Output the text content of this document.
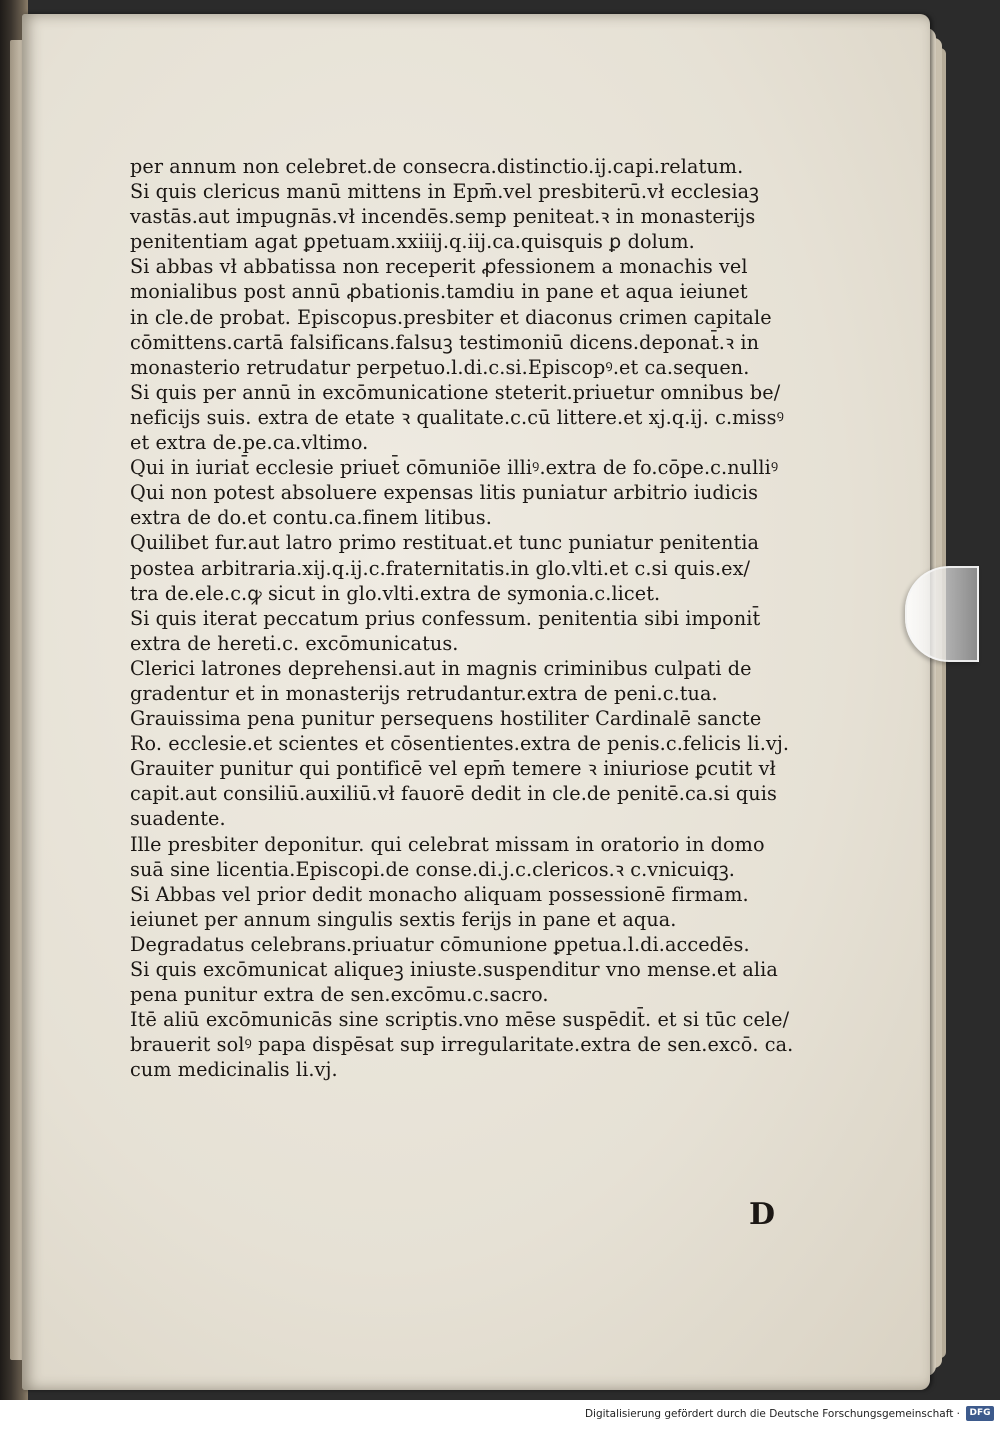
per annum non celebret.de consecra.distinctio.ij.capi.relatum.
Si quis clericus manū mittens in Epm̄.vel presbiterū.vł ecclesiaꝫ
vastās.aut impugnās.vł incendēs.semp peniteat.ꝛ in monasterijs
penitentiam agat ꝑpetuam.xxiiij.q.iij.ca.quisquis ꝑ dolum.
Si abbas vł abbatissa non receperit ꝓfessionem a monachis vel
monialibus post annū ꝓbationis.tamdiu in pane et aqua ieiunet
in cle.de probat. Episcopus.presbiter et diaconus crimen capitale
cōmittens.cartā falsificans.falsuꝫ testimoniū dicens.deponat̄.ꝛ in
monasterio retrudatur perpetuo.l.di.c.si.Episcopꝰ.et ca.sequen.
Si quis per annū in excōmunicatione steterit.priuetur omnibus be/
neficijs suis. extra de etate ꝛ qualitate.c.cū littere.et xj.q.ij. c.missꝰ
et extra de.pe.ca.vltimo.
Qui in iuriat̄ ecclesie priuet̄ cōmuniōe illiꝰ.extra de fo.cōpe.c.nulliꝰ
Qui non potest absoluere expensas litis puniatur arbitrio iudicis
extra de do.et contu.ca.finem litibus.
Quilibet fur.aut latro primo restituat.et tunc puniatur penitentia
postea arbitraria.xij.q.ij.c.fraternitatis.in glo.vlti.et c.si quis.ex/
tra de.ele.c.ꝙ sicut in glo.vlti.extra de symonia.c.licet.
Si quis iterat peccatum prius confessum. penitentia sibi imponit̄
extra de hereti.c. excōmunicatus.
Clerici latrones deprehensi.aut in magnis criminibus culpati de
gradentur et in monasterijs retrudantur.extra de peni.c.tua.
Grauissima pena punitur persequens hostiliter Cardinalē sancte
Ro. ecclesie.et scientes et cōsentientes.extra de penis.c.felicis li.vj.
Grauiter punitur qui pontificē vel epm̄ temere ꝛ iniuriose ꝑcutit vł
capit.aut consiliū.auxiliū.vł fauorē dedit in cle.de penitē.ca.si quis
suadente.
Ille presbiter deponitur. qui celebrat missam in oratorio in domo
suā sine licentia.Episcopi.de conse.di.j.c.clericos.ꝛ c.vnicuiqꝫ.
Si Abbas vel prior dedit monacho aliquam possessionē firmam.
ieiunet per annum singulis sextis ferijs in pane et aqua.
Degradatus celebrans.priuatur cōmunione ꝑpetua.l.di.accedēs.
Si quis excōmunicat aliqueꝫ iniuste.suspenditur vno mense.et alia
pena punitur extra de sen.excōmu.c.sacro.
Itē aliū excōmunicās sine scriptis.vno mēse suspēdit̄. et si tūc cele/
brauerit solꝰ papa dispēsat sup irregularitate.extra de sen.excō. ca.
cum medicinalis li.vj.
D
Digitalisierung gefördert durch die Deutsche Forschungsgemeinschaft ·	DFG
